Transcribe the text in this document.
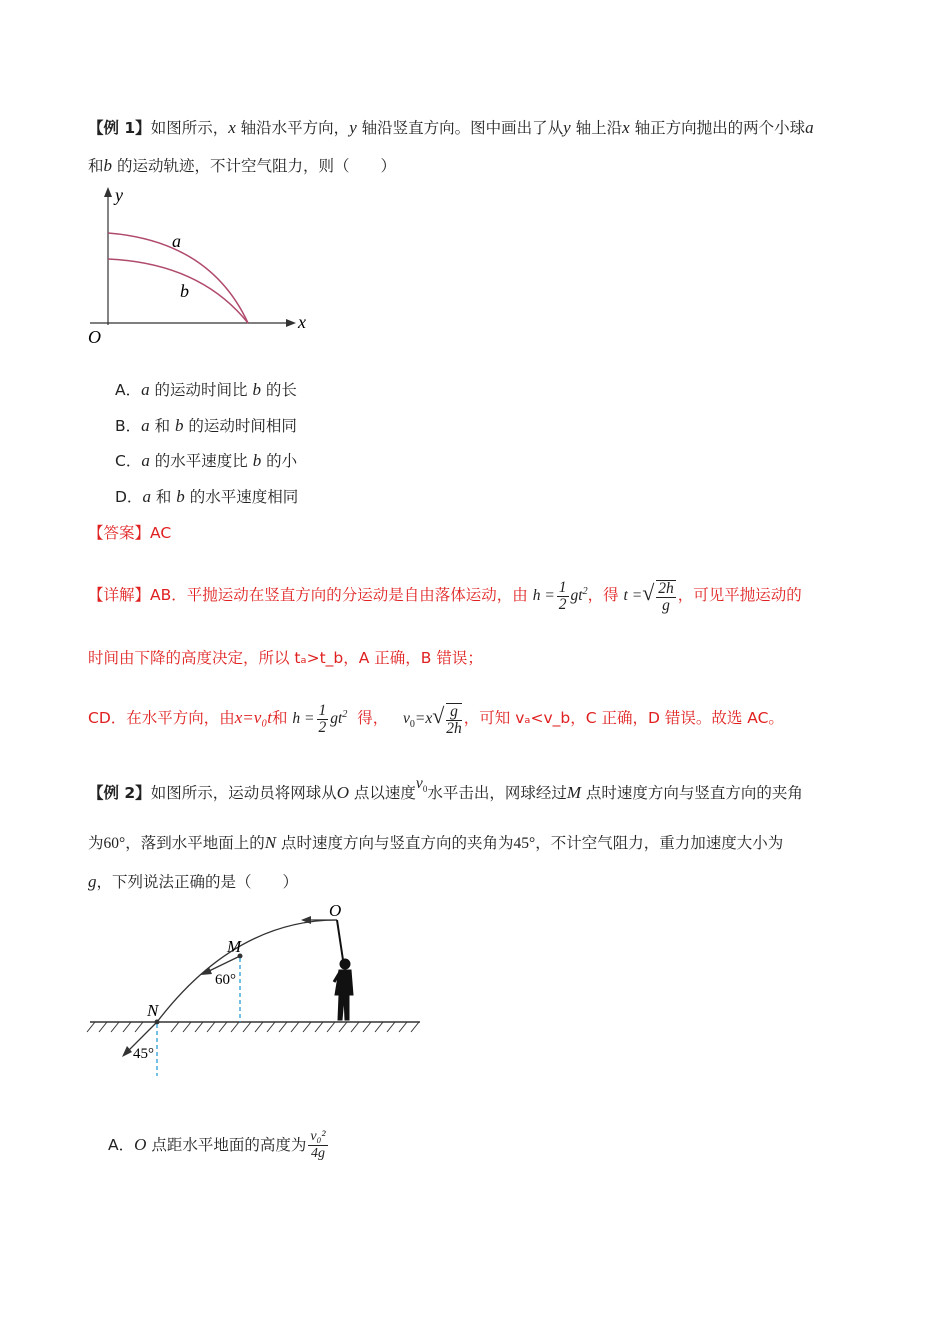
【例 1】如图所示，x 轴沿水平方向，y 轴沿竖直方向。图中画出了从y 轴上沿x 轴正方向抛出的两个小球a
和b 的运动轨迹，不计空气阻力，则（　　）
y
x
O
a
b
A．a 的运动时间比 b 的长
B．a 和 b 的运动时间相同
C．a 的水平速度比 b 的小
D．a 和 b 的水平速度相同
【答案】AC
【详解】AB．平抛运动在竖直方向的分运动是自由落体运动，由 $h = \frac{1}{2} gt^2$，得 t =√ $\frac{2h}{g}$ ，可见平抛运动的
时间由下降的高度决定，所以 tₐ>t_b，A 正确，B 错误；
CD．在水平方向，由x=v₀t和 $h = \frac{1}{2} gt^2$ 得， $v_0=x√ \frac{g}{2h}$ ，可知 vₐ<v_b，C 正确，D 错误。故选 AC。
【例 2】如图所示，运动员将网球从O 点以速度$v_0$水平击出，网球经过M 点时速度方向与竖直方向的夹角
为60°，落到水平地面上的N 点时速度方向与竖直方向的夹角为45°，不计空气阻力，重力加速度大小为
g，下列说法正确的是（　　）
O
M
N
60°
45°
A．O 点距水平地面的高度为 $\frac{\text{v₀²}}{4g}$
